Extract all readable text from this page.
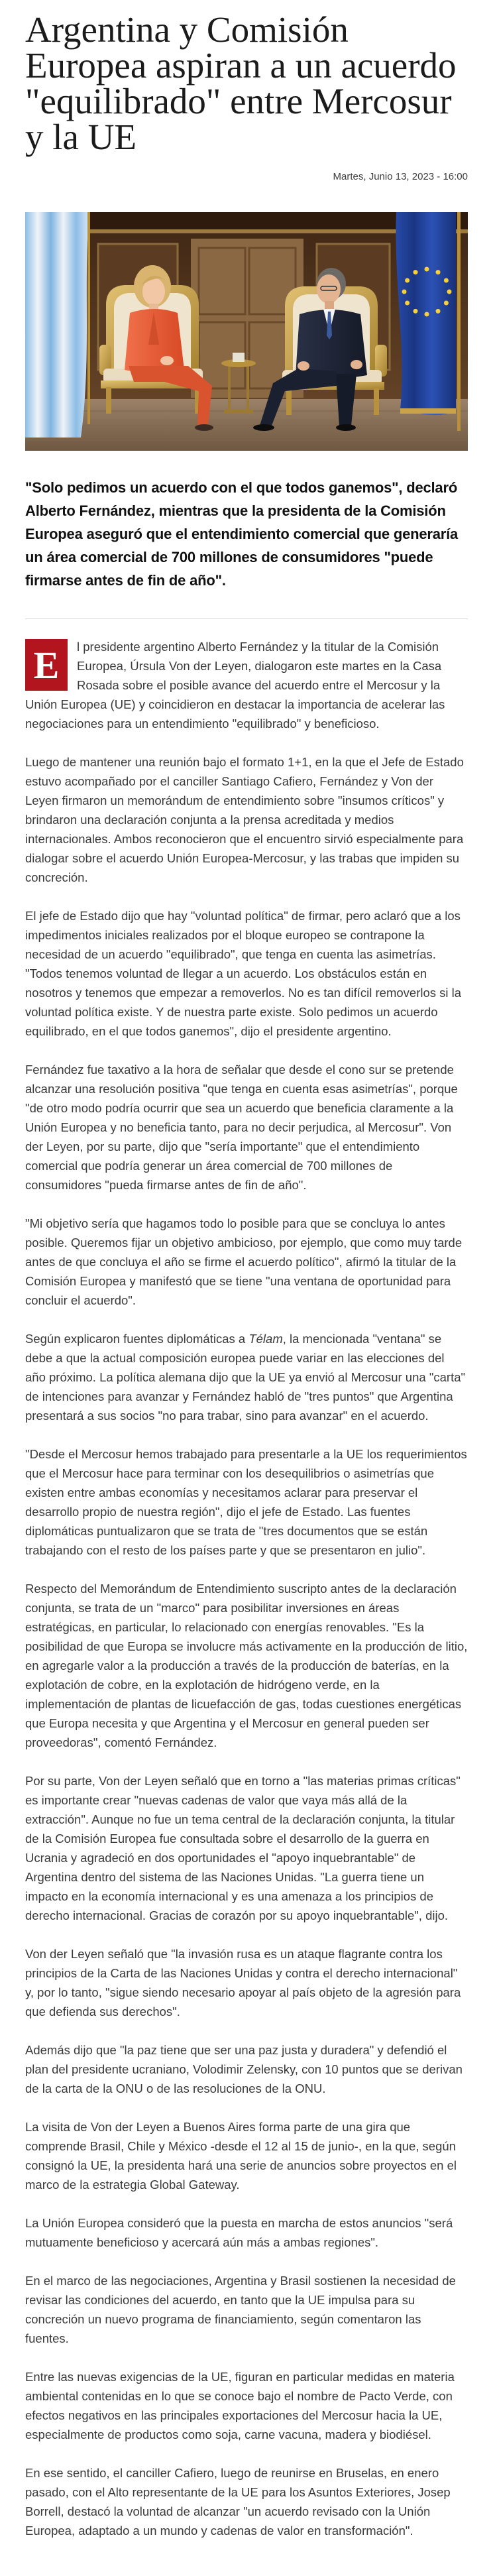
Argentina y Comisión Europea aspiran a un acuerdo "equilibrado" entre Mercosur y la UE
Martes, Junio 13, 2023 - 16:00

"Solo pedimos un acuerdo con el que todos ganemos", declaró Alberto Fernández, mientras que la presidenta de la Comisión Europea aseguró que el entendimiento comercial que generaría un área comercial de 700 millones de consumidores "puede firmarse antes de fin de año".

E	l presidente argentino Alberto Fernández y la titular de la Comisión Europea, Úrsula Von der Leyen, dialogaron este martes en la Casa Rosada sobre el posible avance del acuerdo entre el Mercosur y la Unión Europea (UE) y coincidieron en destacar la importancia de acelerar las negociaciones para un entendimiento "equilibrado" y beneficioso.

Luego de mantener una reunión bajo el formato 1+1, en la que el Jefe de Estado estuvo acompañado por el canciller Santiago Cafiero, Fernández y Von der Leyen firmaron un memorándum de entendimiento sobre "insumos críticos" y brindaron una declaración conjunta a la prensa acreditada y medios internacionales. Ambos reconocieron que el encuentro sirvió especialmente para dialogar sobre el acuerdo Unión Europea-Mercosur, y las trabas que impiden su concreción.

El jefe de Estado dijo que hay "voluntad política" de firmar, pero aclaró que a los impedimentos iniciales realizados por el bloque europeo se contrapone la necesidad de un acuerdo "equilibrado", que tenga en cuenta las asimetrías. "Todos tenemos voluntad de llegar a un acuerdo. Los obstáculos están en nosotros y tenemos que empezar a removerlos. No es tan difícil removerlos si la voluntad política existe. Y de nuestra parte existe. Solo pedimos un acuerdo equilibrado, en el que todos ganemos", dijo el presidente argentino.

Fernández fue taxativo a la hora de señalar que desde el cono sur se pretende alcanzar una resolución positiva "que tenga en cuenta esas asimetrías", porque "de otro modo podría ocurrir que sea un acuerdo que beneficia claramente a la Unión Europea y no beneficia tanto, para no decir perjudica, al Mercosur". Von der Leyen, por su parte, dijo que "sería importante" que el entendimiento comercial que podría generar un área comercial de 700 millones de consumidores "pueda firmarse antes de fin de año".

"Mi objetivo sería que hagamos todo lo posible para que se concluya lo antes posible. Queremos fijar un objetivo ambicioso, por ejemplo, que como muy tarde antes de que concluya el año se firme el acuerdo político", afirmó la titular de la Comisión Europea y manifestó que se tiene "una ventana de oportunidad para concluir el acuerdo".

Según explicaron fuentes diplomáticas a Télam, la mencionada "ventana" se debe a que la actual composición europea puede variar en las elecciones del año próximo. La política alemana dijo que la UE ya envió al Mercosur una "carta" de intenciones para avanzar y Fernández habló de "tres puntos" que Argentina presentará a sus socios "no para trabar, sino para avanzar" en el acuerdo.

"Desde el Mercosur hemos trabajado para presentarle a la UE los requerimientos que el Mercosur hace para terminar con los desequilibrios o asimetrías que existen entre ambas economías y necesitamos aclarar para preservar el desarrollo propio de nuestra región", dijo el jefe de Estado. Las fuentes diplomáticas puntualizaron que se trata de "tres documentos que se están trabajando con el resto de los países parte y que se presentaron en julio".

Respecto del Memorándum de Entendimiento suscripto antes de la declaración conjunta, se trata de un "marco" para posibilitar inversiones en áreas estratégicas, en particular, lo relacionado con energías renovables. "Es la posibilidad de que Europa se involucre más activamente en la producción de litio, en agregarle valor a la producción a través de la producción de baterías, en la explotación de cobre, en la explotación de hidrógeno verde, en la implementación de plantas de licuefacción de gas, todas cuestiones energéticas que Europa necesita y que Argentina y el Mercosur en general pueden ser proveedoras", comentó Fernández.

Por su parte, Von der Leyen señaló que en torno a "las materias primas críticas" es importante crear "nuevas cadenas de valor que vaya más allá de la extracción". Aunque no fue un tema central de la declaración conjunta, la titular de la Comisión Europea fue consultada sobre el desarrollo de la guerra en Ucrania y agradeció en dos oportunidades el "apoyo inquebrantable" de Argentina dentro del sistema de las Naciones Unidas. "La guerra tiene un impacto en la economía internacional y es una amenaza a los principios de derecho internacional. Gracias de corazón por su apoyo inquebrantable", dijo.

Von der Leyen señaló que "la invasión rusa es un ataque flagrante contra los principios de la Carta de las Naciones Unidas y contra el derecho internacional" y, por lo tanto, "sigue siendo necesario apoyar al país objeto de la agresión para que defienda sus derechos".

Además dijo que "la paz tiene que ser una paz justa y duradera" y defendió el plan del presidente ucraniano, Volodimir Zelensky, con 10 puntos que se derivan de la carta de la ONU o de las resoluciones de la ONU.

La visita de Von der Leyen a Buenos Aires forma parte de una gira que comprende Brasil, Chile y México -desde el 12 al 15 de junio-, en la que, según consignó la UE, la presidenta hará una serie de anuncios sobre proyectos en el marco de la estrategia Global Gateway.

La Unión Europea consideró que la puesta en marcha de estos anuncios "será mutuamente beneficioso y acercará aún más a ambas regiones".

En el marco de las negociaciones, Argentina y Brasil sostienen la necesidad de revisar las condiciones del acuerdo, en tanto que la UE impulsa para su concreción un nuevo programa de financiamiento, según comentaron las fuentes.

Entre las nuevas exigencias de la UE, figuran en particular medidas en materia ambiental contenidas en lo que se conoce bajo el nombre de Pacto Verde, con efectos negativos en las principales exportaciones del Mercosur hacia la UE, especialmente de productos como soja, carne vacuna, madera y biodiésel.

En ese sentido, el canciller Cafiero, luego de reunirse en Bruselas, en enero pasado, con el Alto representante de la UE para los Asuntos Exteriores, Josep Borrell, destacó la voluntad de alcanzar "un acuerdo revisado con la Unión Europea, adaptado a un mundo y cadenas de valor en transformación".
